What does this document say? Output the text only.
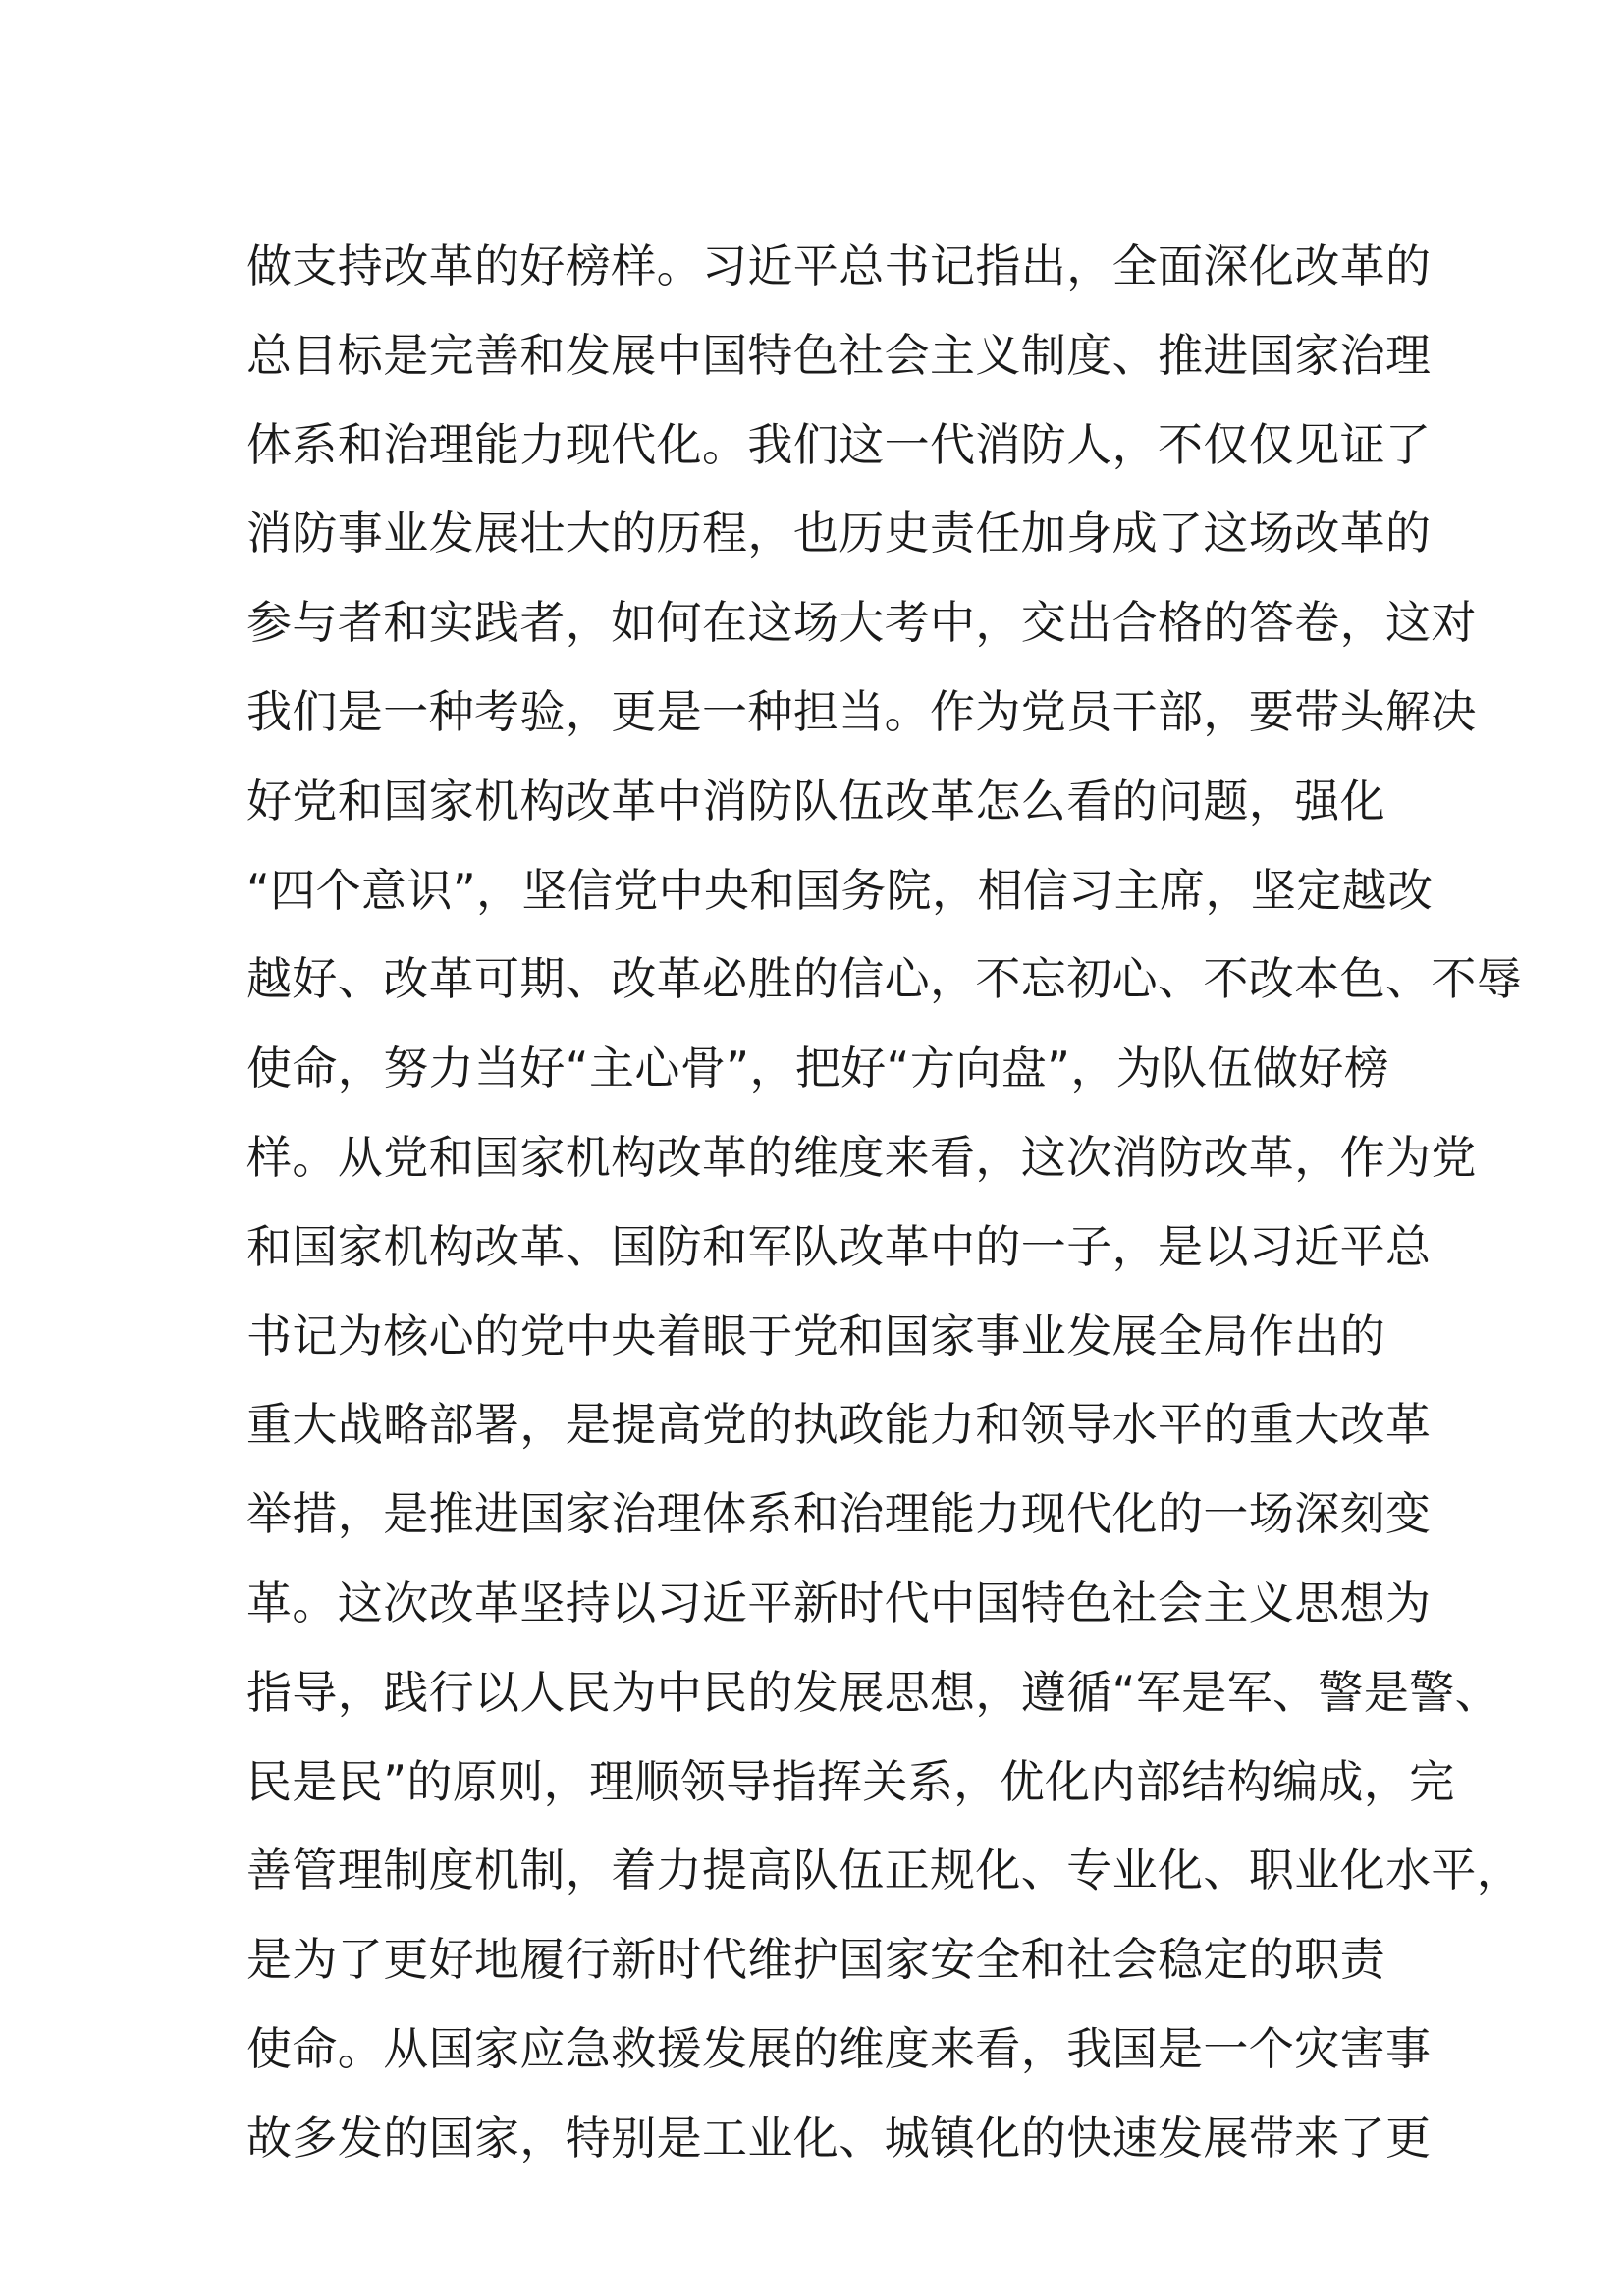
做支持改革的好榜样。习近平总书记指出，全面深化改革的
总目标是完善和发展中国特色社会主义制度、推进国家治理
体系和治理能力现代化。我们这一代消防人，不仅仅见证了
消防事业发展壮大的历程，也历史责任加身成了这场改革的
参与者和实践者，如何在这场大考中，交出合格的答卷，这对
我们是一种考验，更是一种担当。作为党员干部，要带头解决
好党和国家机构改革中消防队伍改革怎么看的问题，强化
“四个意识”，坚信党中央和国务院，相信习主席，坚定越改
越好、改革可期、改革必胜的信心，不忘初心、不改本色、不辱
使命，努力当好“主心骨”，把好“方向盘”，为队伍做好榜
样。从党和国家机构改革的维度来看，这次消防改革，作为党
和国家机构改革、国防和军队改革中的一子，是以习近平总
书记为核心的党中央着眼于党和国家事业发展全局作出的
重大战略部署，是提高党的执政能力和领导水平的重大改革
举措，是推进国家治理体系和治理能力现代化的一场深刻变
革。这次改革坚持以习近平新时代中国特色社会主义思想为
指导，践行以人民为中民的发展思想，遵循“军是军、警是警、
民是民”的原则，理顺领导指挥关系，优化内部结构编成，完
善管理制度机制，着力提高队伍正规化、专业化、职业化水平，
是为了更好地履行新时代维护国家安全和社会稳定的职责
使命。从国家应急救援发展的维度来看，我国是一个灾害事
故多发的国家，特别是工业化、城镇化的快速发展带来了更
